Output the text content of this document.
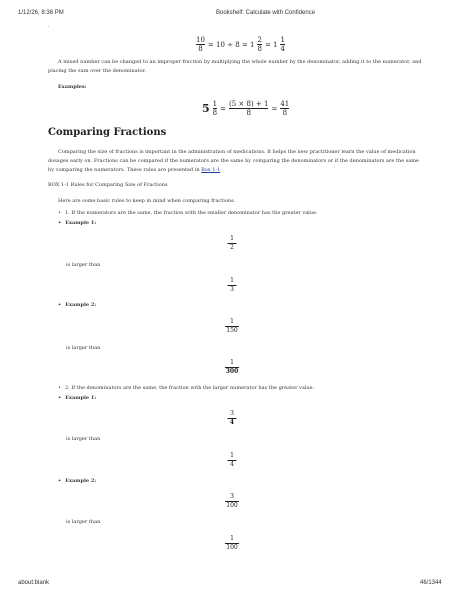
1/12/26, 8:36 PM	Bookshelf: Calculate with Confidence
·
$\frac{10}{8} = 10 \div 8 = 1 \frac{2}{8} = 1 \frac{1}{4}$
A mixed number can be changed to an improper fraction by multiplying the whole number by the denominator, adding it to the numerator, and placing the sum over the denominator.
Examples:
$5 \frac{1}{8} = \frac{(5 \times 8) + 1}{8} = \frac{41}{8}$
Comparing Fractions
Comparing the size of fractions is important in the administration of medications. It helps the new practitioner learn the value of medication dosages early on. Fractions can be compared if the numerators are the same by comparing the denominators or if the denominators are the same by comparing the numerators. These rules are presented in Box 1-1.
BOX 1-1 Rules for Comparing Size of Fractions
Here are some basic rules to keep in mind when comparing fractions.
• 1. If the numerators are the same, the fraction with the smaller denominator has the greater value.
• Example 1:
1
2
is larger than
1
3
• Example 2:
1
150
is larger than
1
300
• 2. If the denominators are the same, the fraction with the larger numerator has the greater value.
• Example 1:
3
4
is larger than
1
4
• Example 2:
3
100
is larger than
1
100
about:blank	46/1344
